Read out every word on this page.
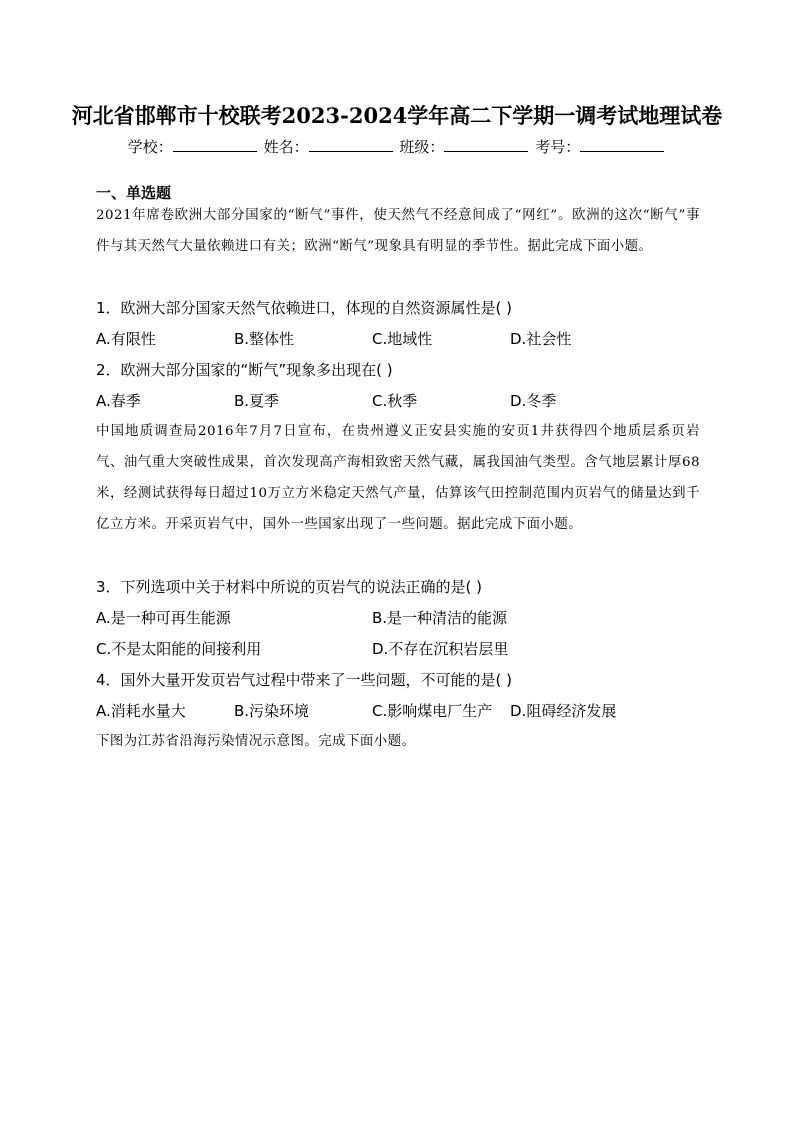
河北省邯郸市十校联考2023-2024学年高二下学期一调考试地理试卷
学校：	姓名：	班级：	考号：
一、单选题
2021年席卷欧洲大部分国家的“断气”事件，使天然气不经意间成了“网红”。欧洲的这次“断气”事件与其天然气大量依赖进口有关；欧洲“断气”现象具有明显的季节性。据此完成下面小题。
1．欧洲大部分国家天然气依赖进口，体现的自然资源属性是( )
A.有限性	B.整体性	C.地域性	D.社会性
2．欧洲大部分国家的“断气”现象多出现在( )
A.春季	B.夏季	C.秋季	D.冬季
中国地质调查局2016年7月7日宣布，在贵州遵义正安县实施的安页1井获得四个地质层系页岩气、油气重大突破性成果，首次发现高产海相致密天然气藏，属我国油气类型。含气地层累计厚68米，经测试获得每日超过10万立方米稳定天然气产量，估算该气田控制范围内页岩气的储量达到千亿立方米。开采页岩气中，国外一些国家出现了一些问题。据此完成下面小题。
3．下列选项中关于材料中所说的页岩气的说法正确的是( )
A.是一种可再生能源	B.是一种清洁的能源
C.不是太阳能的间接利用	D.不存在沉积岩层里
4．国外大量开发页岩气过程中带来了一些问题，不可能的是( )
A.消耗水量大	B.污染环境	C.影响煤电厂生产 D.阻碍经济发展
下图为江苏省沿海污染情况示意图。完成下面小题。
